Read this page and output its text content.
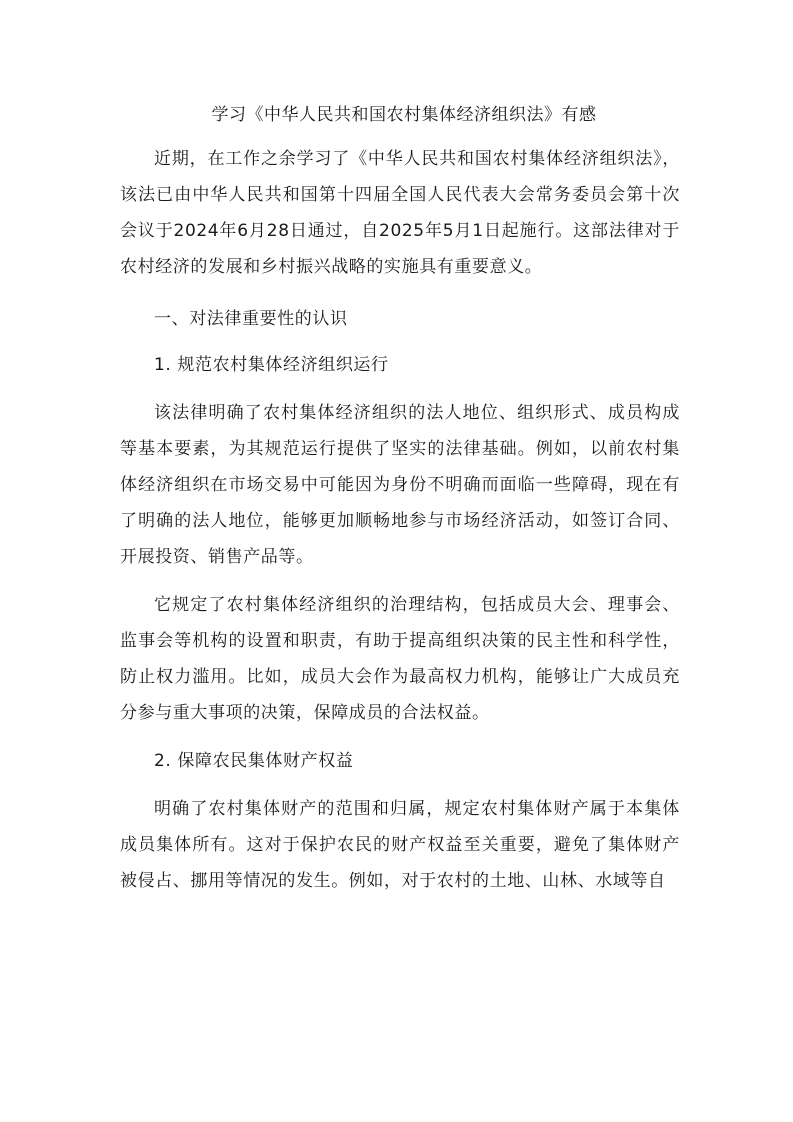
学习《中华人民共和国农村集体经济组织法》有感

近期，在工作之余学习了《中华人民共和国农村集体经济组织法》，该法已由中华人民共和国第十四届全国人民代表大会常务委员会第十次会议于2024年6月28日通过，自2025年5月1日起施行。这部法律对于农村经济的发展和乡村振兴战略的实施具有重要意义。

一、对法律重要性的认识

1. 规范农村集体经济组织运行

该法律明确了农村集体经济组织的法人地位、组织形式、成员构成等基本要素，为其规范运行提供了坚实的法律基础。例如，以前农村集体经济组织在市场交易中可能因为身份不明确而面临一些障碍，现在有了明确的法人地位，能够更加顺畅地参与市场经济活动，如签订合同、开展投资、销售产品等。

它规定了农村集体经济组织的治理结构，包括成员大会、理事会、监事会等机构的设置和职责，有助于提高组织决策的民主性和科学性，防止权力滥用。比如，成员大会作为最高权力机构，能够让广大成员充分参与重大事项的决策，保障成员的合法权益。

2. 保障农民集体财产权益

明确了农村集体财产的范围和归属，规定农村集体财产属于本集体成员集体所有。这对于保护农民的财产权益至关重要，避免了集体财产被侵占、挪用等情况的发生。例如，对于农村的土地、山林、水域等自
